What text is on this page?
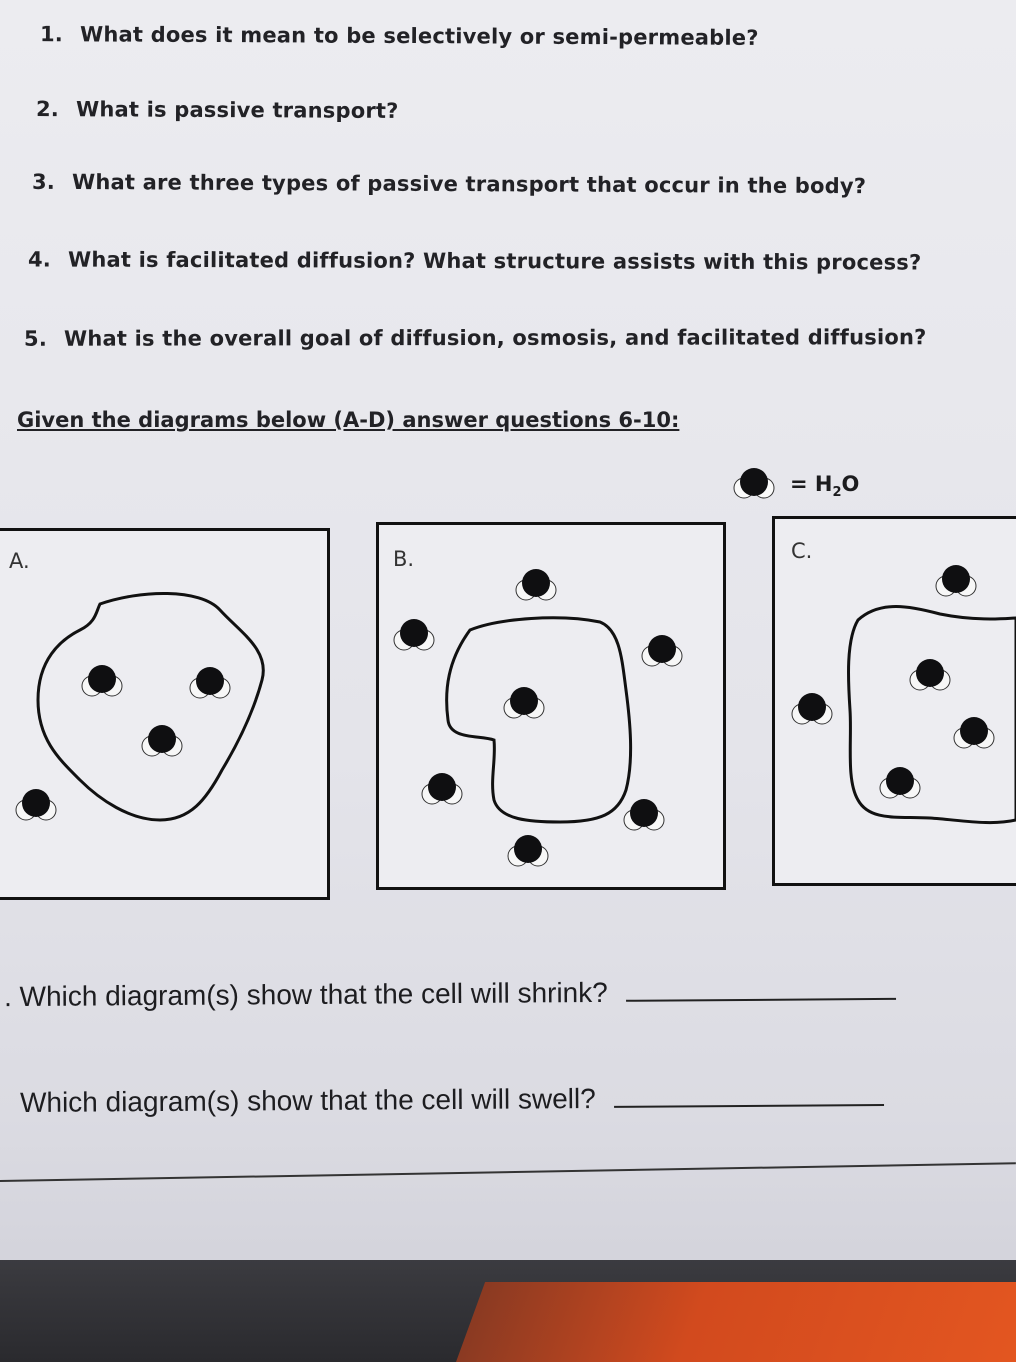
1. What does it mean to be selectively or semi-permeable?
2. What is passive transport?
3. What are three types of passive transport that occur in the body?
4. What is facilitated diffusion? What structure assists with this process?
5. What is the overall goal of diffusion, osmosis, and facilitated diffusion?
Given the diagrams below (A-D) answer questions 6-10:
= $H_2O$
A.	B.	C.
. Which diagram(s) show that the cell will shrink?
Which diagram(s) show that the cell will swell?
